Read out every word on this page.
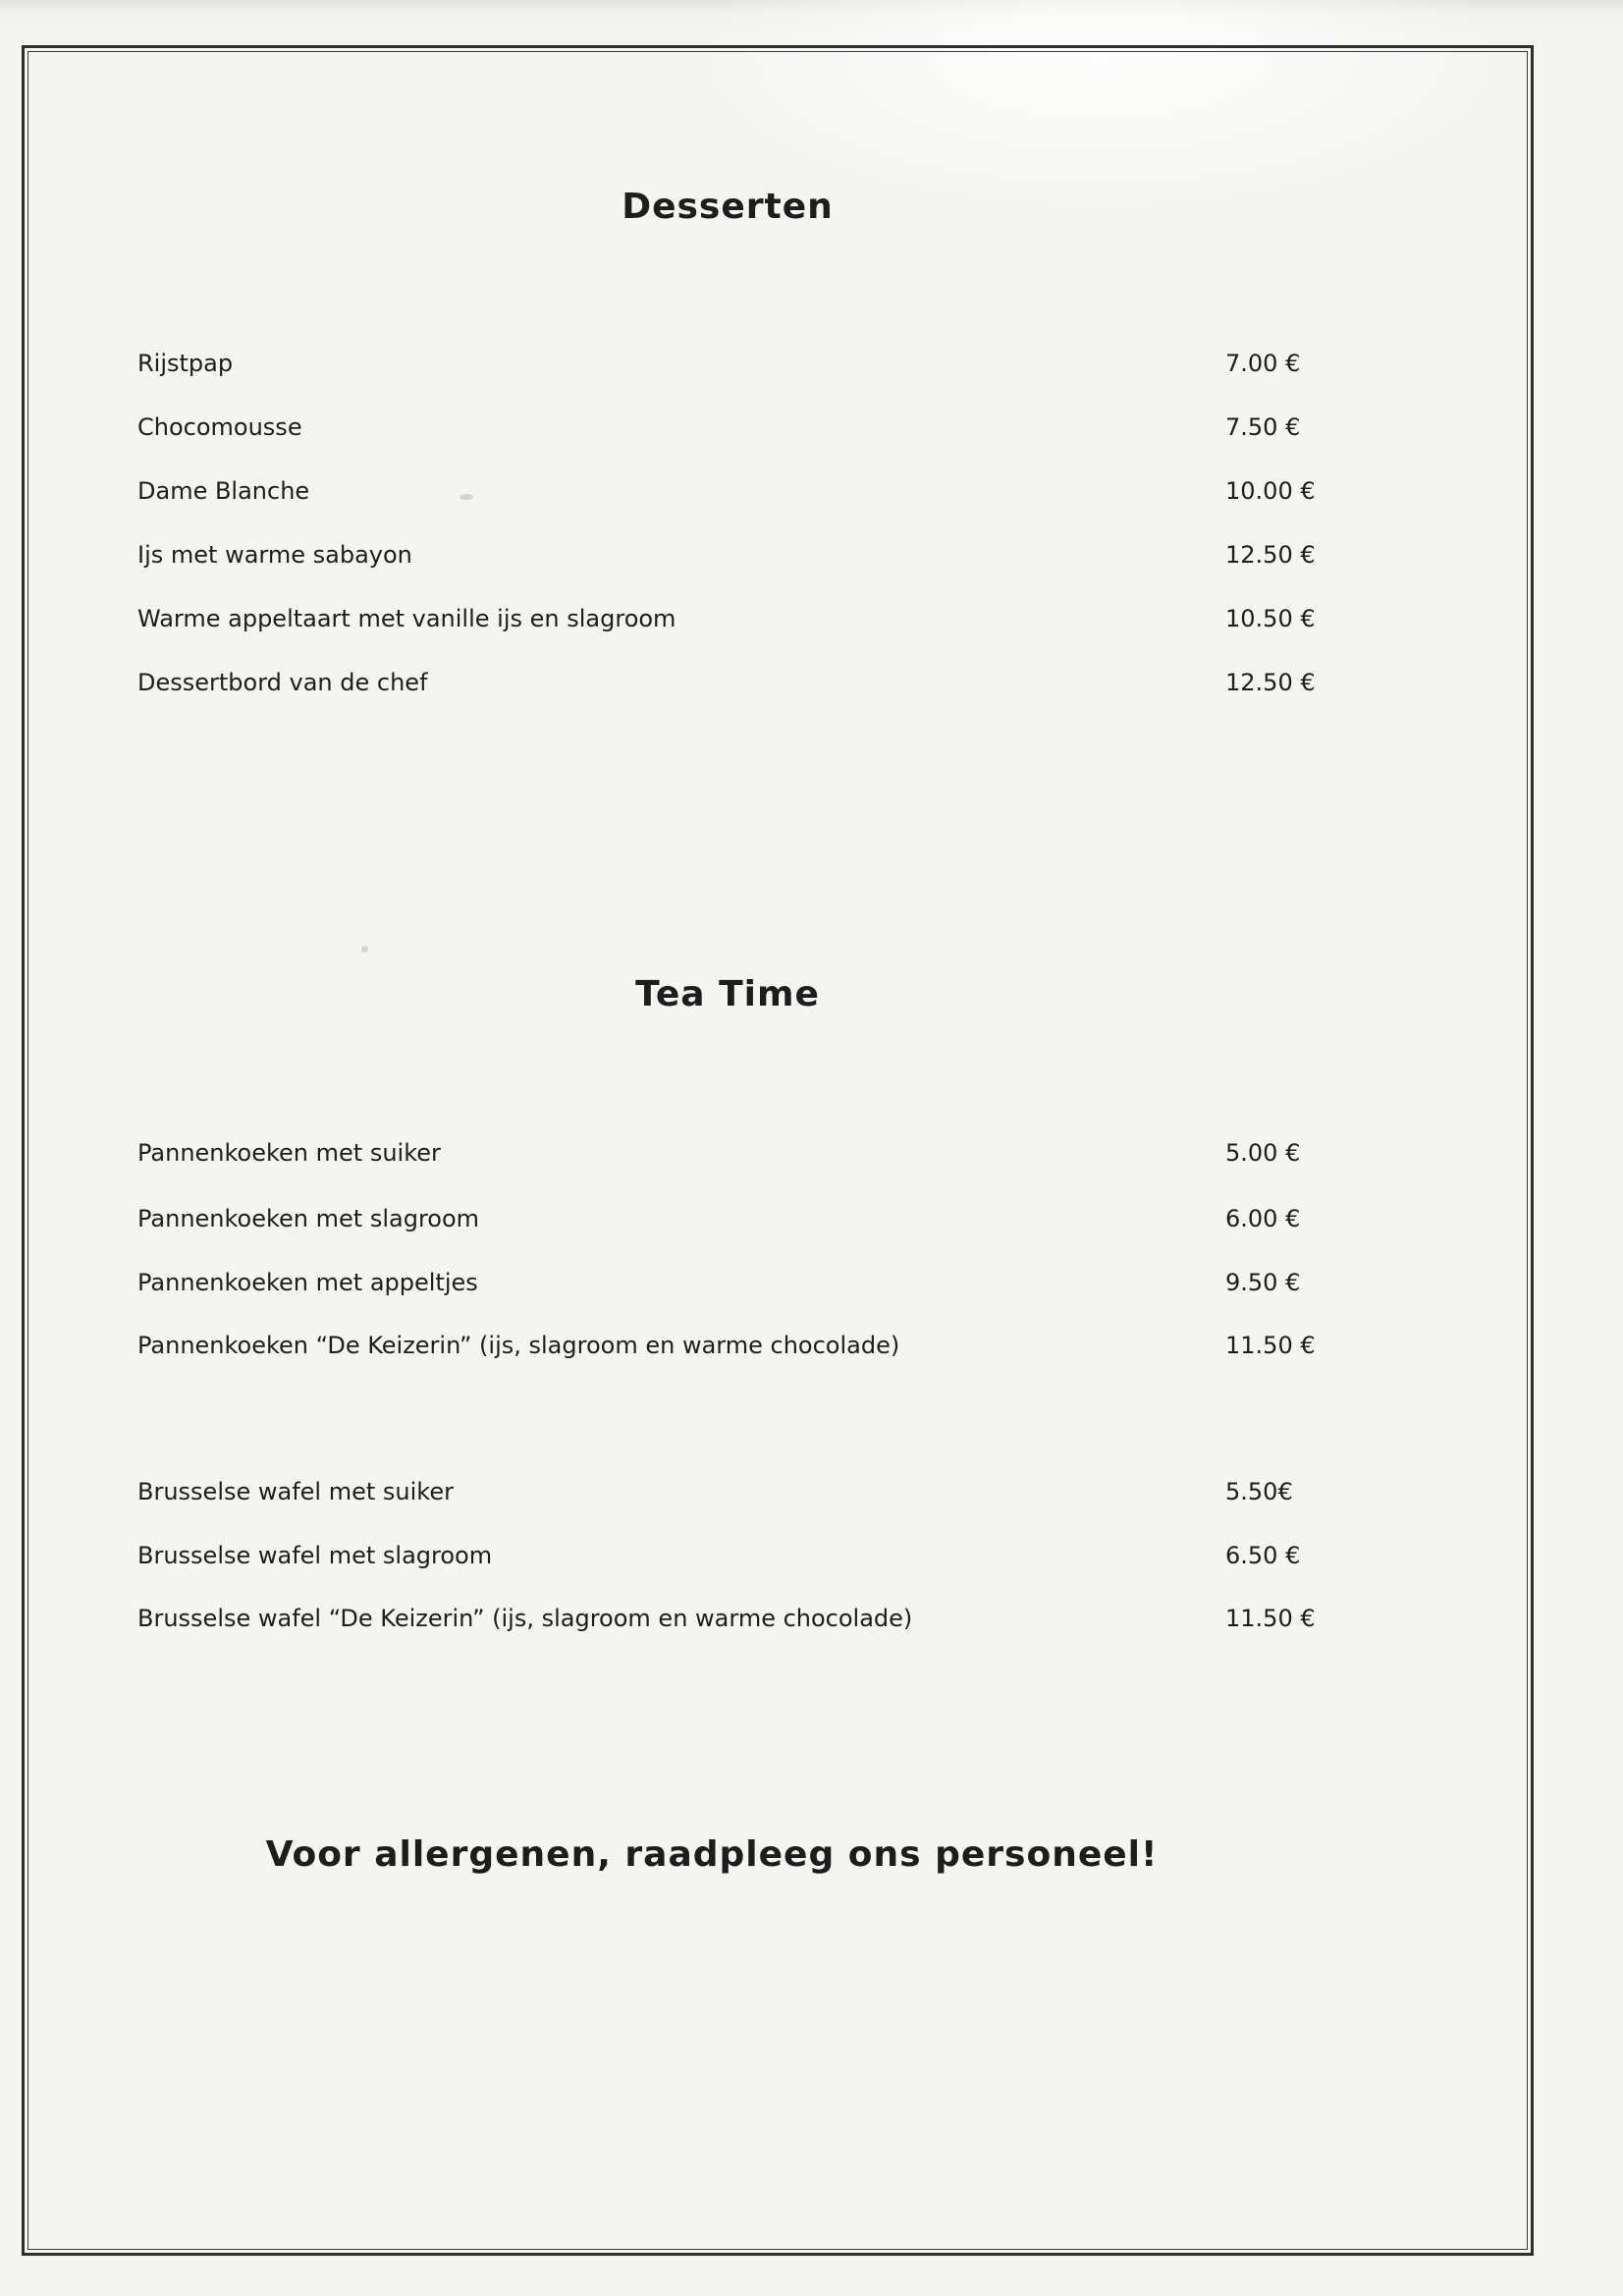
Desserten
Rijstpap	7.00 €
Chocomousse	7.50 €
Dame Blanche	10.00 €
Ijs met warme sabayon	12.50 €
Warme appeltaart met vanille ijs en slagroom	10.50 €
Dessertbord van de chef	12.50 €
Tea Time
Pannenkoeken met suiker	5.00 €
Pannenkoeken met slagroom	6.00 €
Pannenkoeken met appeltjes	9.50 €
Pannenkoeken “De Keizerin” (ijs, slagroom en warme chocolade)	11.50 €
Brusselse wafel met suiker	5.50€
Brusselse wafel met slagroom	6.50 €
Brusselse wafel “De Keizerin” (ijs, slagroom en warme chocolade)	11.50 €

Voor allergenen, raadpleeg ons personeel!
